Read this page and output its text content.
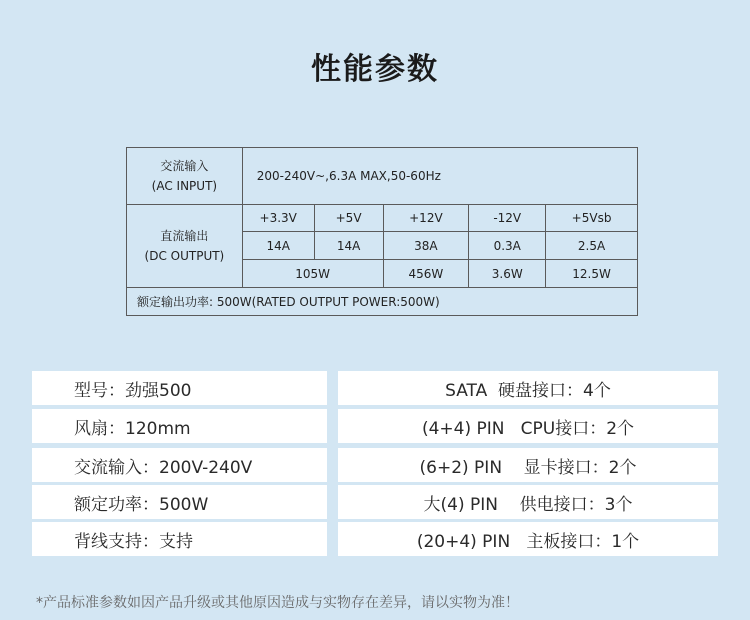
性能参数
交流输入
(AC INPUT)	200-240V~,6.3A MAX,50-60Hz				

直流输出
(DC OUTPUT)	+3.3V	+5V	+12V	-12V	+5Vsb
	14A	14A	38A	0.3A	2.5A
	105W		456W	3.6W	12.5W
额定输出功率: 500W(RATED OUTPUT POWER:500W)					
型号：劲强500
风扇：120mm
交流输入：200V-240V
额定功率：500W
背线支持：支持
SATA  硬盘接口：4个
(4+4) PIN   CPU接口：2个
(6+2) PIN    显卡接口：2个
大(4) PIN    供电接口：3个
(20+4) PIN   主板接口：1个
*产品标准参数如因产品升级或其他原因造成与实物存在差异，请以实物为准！
